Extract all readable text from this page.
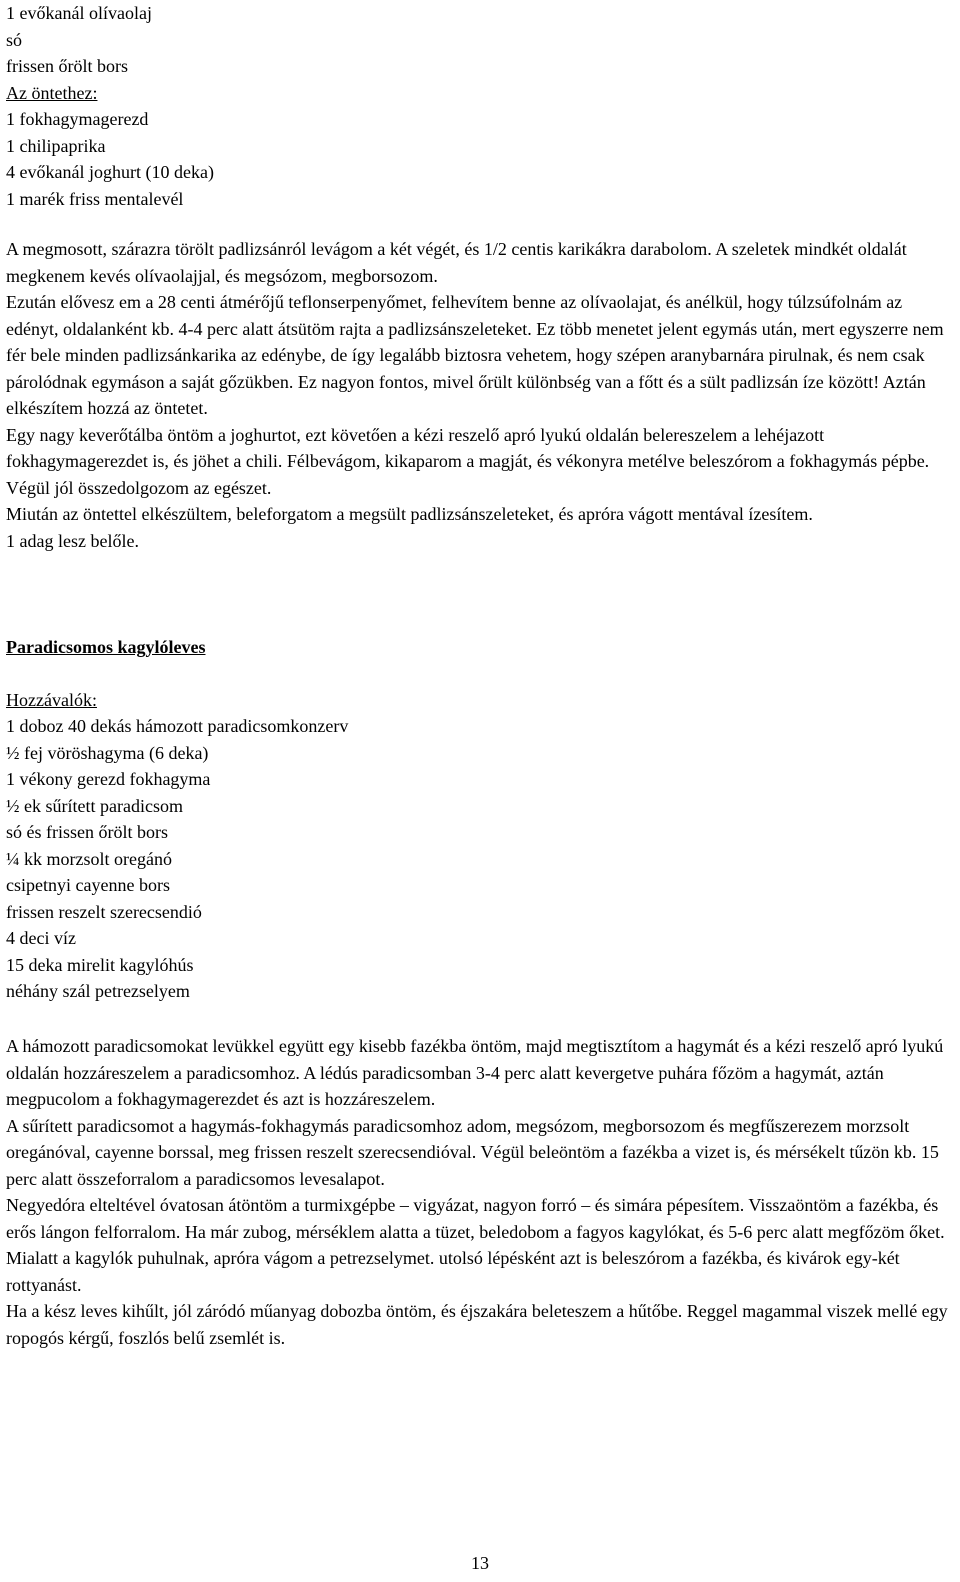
1 evőkanál olívaolaj
só
frissen őrölt bors
Az öntethez:
1 fokhagymagerezd
1 chilipaprika
4 evőkanál joghurt (10 deka)
1 marék friss mentalevél
A megmosott, szárazra törölt padlizsánról levágom a két végét, és 1/2 centis karikákra darabolom. A szeletek mindkét oldalát megkenem kevés olívaolajjal, és megsózom, megborsozom.
Ezután elővesz em a 28 centi átmérőjű teflonserpenyőmet, felhevítem benne az olívaolajat, és anélkül, hogy túlzsúfolnám az edényt, oldalanként kb. 4-4 perc alatt átsütöm rajta a padlizsánszeleteket. Ez több menetet jelent egymás után, mert egyszerre nem fér bele minden padlizsánkarika az edénybe, de így legalább biztosra vehetem, hogy szépen aranybarnára pirulnak, és nem csak párolódnak egymáson a saját gőzükben. Ez nagyon fontos, mivel őrült különbség van a főtt és a sült padlizsán íze között! Aztán elkészítem hozzá az öntetet.
Egy nagy keverőtálba öntöm a joghurtot, ezt követően a kézi reszelő apró lyukú oldalán belereszelem a lehéjazott fokhagymagerezdet is, és jöhet a chili. Félbevágom, kikaparom a magját, és vékonyra metélve beleszórom a fokhagymás pépbe. Végül jól összedolgozom az egészet.
Miután az öntettel elkészültem, beleforgatom a megsült padlizsánszeleteket, és apróra vágott mentával ízesítem.
1 adag lesz belőle.
Paradicsomos kagylóleves
Hozzávalók:
1 doboz 40 dekás hámozott paradicsomkonzerv
½ fej vöröshagyma (6 deka)
1 vékony gerezd fokhagyma
½ ek sűrített paradicsom
só és frissen őrölt bors
¼ kk morzsolt oregánó
csipetnyi cayenne bors
frissen reszelt szerecsendió
4 deci víz
15 deka mirelit kagylóhús
néhány szál petrezselyem
A hámozott paradicsomokat levükkel együtt egy kisebb fazékba öntöm, majd megtisztítom a hagymát és a kézi reszelő apró lyukú oldalán hozzáreszelem a paradicsomhoz. A lédús paradicsomban 3-4 perc alatt kevergetve puhára főzöm a hagymát, aztán megpucolom a fokhagymagerezdet és azt is hozzáreszelem.
A sűrített paradicsomot a hagymás-fokhagymás paradicsomhoz adom, megsózom, megborsozom és megfűszerezem morzsolt oregánóval, cayenne borssal, meg frissen reszelt szerecsendióval. Végül beleöntöm a fazékba a vizet is, és mérsékelt tűzön kb. 15 perc alatt összeforralom a paradicsomos levesalapot.
Negyedóra elteltével óvatosan átöntöm a turmixgépbe – vigyázat, nagyon forró – és simára pépesítem. Visszaöntöm a fazékba, és erős lángon felforralom. Ha már zubog, mérséklem alatta a tüzet, beledobom a fagyos kagylókat, és 5-6 perc alatt megfőzöm őket.
Mialatt a kagylók puhulnak, apróra vágom a petrezselymet. utolsó lépésként azt is beleszórom a fazékba, és kivárok egy-két rottyanást.
Ha a kész leves kihűlt, jól záródó műanyag dobozba öntöm, és éjszakára beleteszem a hűtőbe. Reggel magammal viszek mellé egy ropogós kérgű, foszlós belű zsemlét is.
13
